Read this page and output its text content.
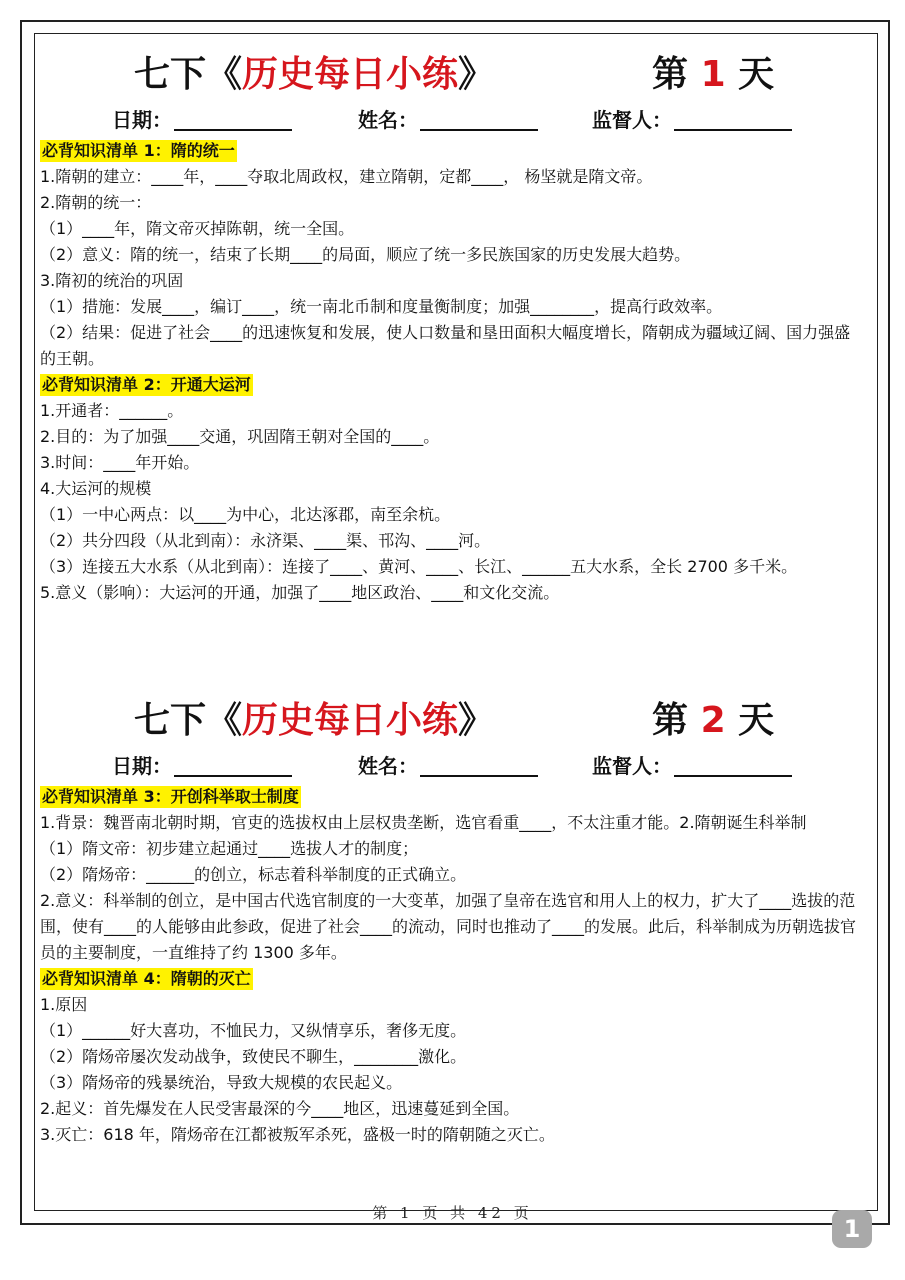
七下《历史每日小练》	第 1 天
日期：	姓名：	监督人：
必背知识清单 1：隋的统一
1.隋朝的建立：____年，____夺取北周政权，建立隋朝，定都____， 杨坚就是隋文帝。
2.隋朝的统一：
（1）____年，隋文帝灭掉陈朝，统一全国。
（2）意义：隋的统一，结束了长期____的局面，顺应了统一多民族国家的历史发展大趋势。
3.隋初的统治的巩固
（1）措施：发展____，编订____，统一南北币制和度量衡制度；加强________，提高行政效率。
（2）结果：促进了社会____的迅速恢复和发展，使人口数量和垦田面积大幅度增长，隋朝成为疆域辽阔、国力强盛的王朝。
必背知识清单 2：开通大运河
1.开通者：______。
2.目的：为了加强____交通，巩固隋王朝对全国的____。
3.时间：____年开始。
4.大运河的规模
（1）一中心两点：以____为中心，北达涿郡，南至余杭。
（2）共分四段（从北到南）：永济渠、____渠、邗沟、____河。
（3）连接五大水系（从北到南）：连接了____、黄河、____、长江、______五大水系，全长 2700 多千米。
5.意义（影响）：大运河的开通，加强了____地区政治、____和文化交流。
七下《历史每日小练》	第 2 天
日期：	姓名：	监督人：
必背知识清单 3：开创科举取士制度
1.背景：魏晋南北朝时期，官吏的选拔权由上层权贵垄断，选官看重____，不太注重才能。2.隋朝诞生科举制
（1）隋文帝：初步建立起通过____选拔人才的制度；
（2）隋炀帝：______的创立，标志着科举制度的正式确立。
2.意义：科举制的创立，是中国古代选官制度的一大变革，加强了皇帝在选官和用人上的权力，扩大了____选拔的范围，使有____的人能够由此参政，促进了社会____的流动，同时也推动了____的发展。此后，科举制成为历朝选拔官员的主要制度，一直维持了约 1300 多年。
必背知识清单 4：隋朝的灭亡
1.原因
（1）______好大喜功，不恤民力，又纵情享乐，奢侈无度。
（2）隋炀帝屡次发动战争，致使民不聊生，________激化。
（3）隋炀帝的残暴统治，导致大规模的农民起义。
2.起义：首先爆发在人民受害最深的今____地区，迅速蔓延到全国。
3.灭亡：618 年，隋炀帝在江都被叛军杀死，盛极一时的隋朝随之灭亡。
第 1 页 共 42 页
1
